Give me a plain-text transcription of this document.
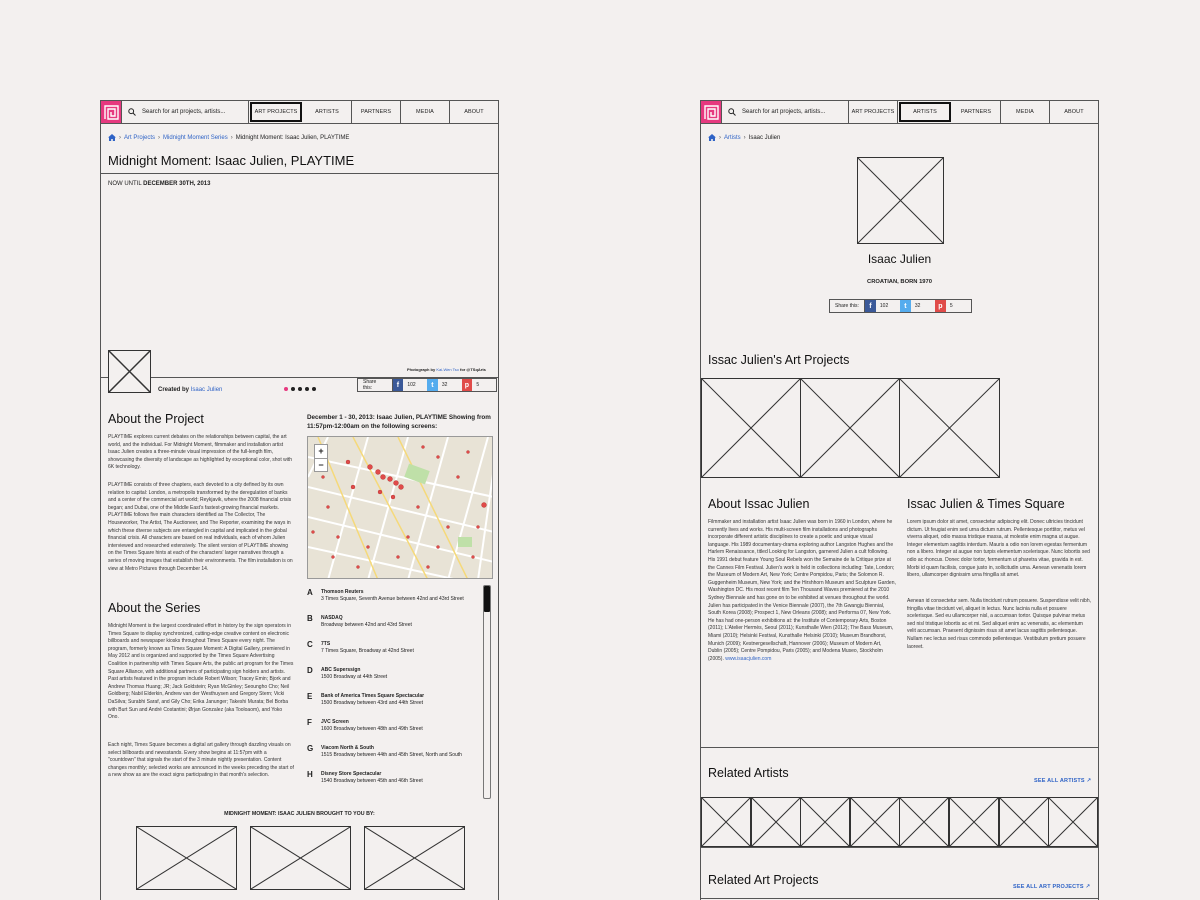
Search for art projects, artists...	ART PROJECTS	ARTISTS	PARTNERS	MEDIA	ABOUT
› Art Projects › Midnight Moment Series › Midnight Moment: Isaac Julien, PLAYTIME
Midnight Moment: Isaac Julien, PLAYTIME
NOW UNTIL DECEMBER 30TH, 2013
Photograph by Kai-Wen Tso for @TSqArts
Created by Isaac Julien
Share this:	f	102	t	32	p	5
About the Project
PLAYTIME explores current debates on the relationships between capital, the art world, and the individual. For Midnight Moment, filmmaker and installation artist Isaac Julien creates a three-minute visual impression of the full-length film, showcasing the diversity of landscape as highlighted by exceptional color, shot with 6K technology.
PLAYTIME consists of three chapters, each devoted to a city defined by its own relation to capital: London, a metropolis transformed by the deregulation of banks and a center of the commercial art world; Reykjavik, where the 2008 financial crisis began; and Dubai, one of the Middle East's fastest-growing financial markets. PLAYTIME follows five main characters identified as The Collector, The Houseworker, The Artist, The Auctioneer, and The Reporter, examining the ways in which these diverse subjects are entangled in capital and implicated in the global financial crisis. All characters are based on real individuals, each of whom Julien interviewed and researched extensively. The silent version of PLAYTIME showing on the Times Square hints at each of the characters' larger narratives through a series of moving images that establish their environments. The film installation is on view at Metro Pictures through December 14.
December 1 - 30, 2013: Isaac Julien, PLAYTIME Showing from 11:57pm-12:00am on the following screens:
+
−
A Thomson Reuters
3 Times Square, Seventh Avenue between 42nd and 43rd Street
B NASDAQ
Broadway between 42nd and 43rd Street
C 7TS
7 Times Square, Broadway at 42nd Street
D ABC Superssign
1500 Broadway at 44th Street
E Bank of America Times Square Spectacular
1500 Broadway between 43rd and 44th Street
F JVC Screen
1600 Broadway between 48th and 49th Street
G Viacom North & South
1515 Broadway between 44th and 45th Street, North and South
H Disney Store Spectacular
1540 Broadway between 45th and 46th Street
About the Series
Midnight Moment is the largest coordinated effort in history by the sign operators in Times Square to display synchronized, cutting-edge creative content on electronic billboards and newspaper kiosks throughout Times Square every night. The program, formerly known as Times Square Moment: A Digital Gallery, premiered in May 2012 and is organized and supported by the Times Square Advertising Coalition in partnership with Times Square Arts, the public art program for the Times Square Alliance, with additional partners of participating sign holders and artists. Past artists featured in the program include Robert Wilson; Tracey Emin; Bjork and Andrew Thomas Huang; JR; Jack Goldstein; Ryan McGinley; Seoungho Cho; Neil Goldberg; Nabil Elderkin, Andrew van der Westhuysen and Gregory Stern; Vicki DaSilva; Surabhi Saraf, and Gily Cho; Erika Janunger; Takeshi Murata; Bel Borba with Burt Sun and André Costantini; Ørjan Gonzalez (aka Tooloaom), and Yoko Ono.
Each night, Times Square becomes a digital art gallery through dazzling visuals on select billboards and newsstands. Every show begins at 11:57pm with a "countdown" that signals the start of the 3 minute nightly presentation. Content changes monthly; selected works are announced in the weeks preceding the start of a new show as are the exact signs participating in that month's selection.
MIDNIGHT MOMENT: ISAAC JULIEN BROUGHT TO YOU BY:
Search for art projects, artists...	ART PROJECTS	ARTISTS	PARTNERS	MEDIA	ABOUT
› Artists › Isaac Julien
Isaac Julien
CROATIAN, BORN 1970
Share this:	f	102	t	32	p	5
Issac Julien's Art Projects
About Issac Julien
Filmmaker and installation artist Isaac Julien was born in 1960 in London, where he currently lives and works. His multi-screen film installations and photographs incorporate different artistic disciplines to create a poetic and unique visual language. His 1989 documentary-drama exploring author Langston Hughes and the Harlem Renaissance, titled Looking for Langston, garnered Julien a cult following. His 1991 debut feature Young Soul Rebels won the Semaine de la Critique prize at the Cannes Film Festival. Julien's work is held in collections including: Tate, London; the Museum of Modern Art, New York; Centre Pompidou, Paris; the Solomon R. Guggenheim Museum, New York; and the Hirshhorn Museum and Sculpture Garden, Washington DC. His most recent film Ten Thousand Waves premiered at the 2010 Sydney Biennale and has gone on to be exhibited at venues throughout the world. Julien has participated in the Venice Biennale (2007), the 7th Gwangju Biennial, South Korea (2008); Prospect 1, New Orleans (2008); and Performa 07, New York. He has had one-person exhibitions at: the Institute of Contemporary Arts, Boston (2011); L'Atelier Hermès, Seoul (2011); Kunsthalle Wien (2012); The Bass Museum, Miami (2010); Helsinki Festival, Kunsthalle Helsinki (2010); Museum Brandhorst, Munich (2009); Kestnergesellschaft, Hannover (2006); Museum of Modern Art, Dublin (2005); Centre Pompidou, Paris (2005); and Modena Museo, Stockholm (2005). www.isaacjulien.com
Issac Julien & Times Square
Lorem ipsum dolor sit amet, consectetur adipiscing elit. Donec ultricies tincidunt dictum. Ut feugiat enim sed urna dictum rutrum. Pellentesque porttitor, metus vel viverra aliquet, odio massa tristique massa, at molestie enim magna ut augue. Integer elementum sagittis interdum. Mauris a odio non lorem egestas fermentum non a libero. Integer at augue non turpis elementum scelerisque. Nunc lobortis sed odio ac rhoncus. Donec dolor tortor, fermentum ut pharetra vitae, gravida in est. Morbi id quam facilisis, congue justo in, sollicitudin urna. Aenean venenatis lorem libero, ullamcorper dignissim urna fringilla sit amet.
Aenean id consectetur sem. Nulla tincidunt rutrum posuere. Suspendisse velit nibh, fringilla vitae tincidunt vel, aliquet in lectus. Nunc lacinia nulla et posuere scelerisque. Sed eu ullamcorper nisl, a accumsan tortor. Quisque pulvinar metus sed nisl tristique lobortis ac et mi. Sed aliquet enim ac venenatis, ac elementum velit accumsan. Praesent dignissim risus sit amet lacus sagittis pellentesque. Nullam nec lectus sed risus commodo pellentesque. Vestibulum pretium posuere laoreet.
Related Artists
SEE ALL ARTISTS ↗
Related Art Projects	SEE ALL ART PROJECTS ↗
